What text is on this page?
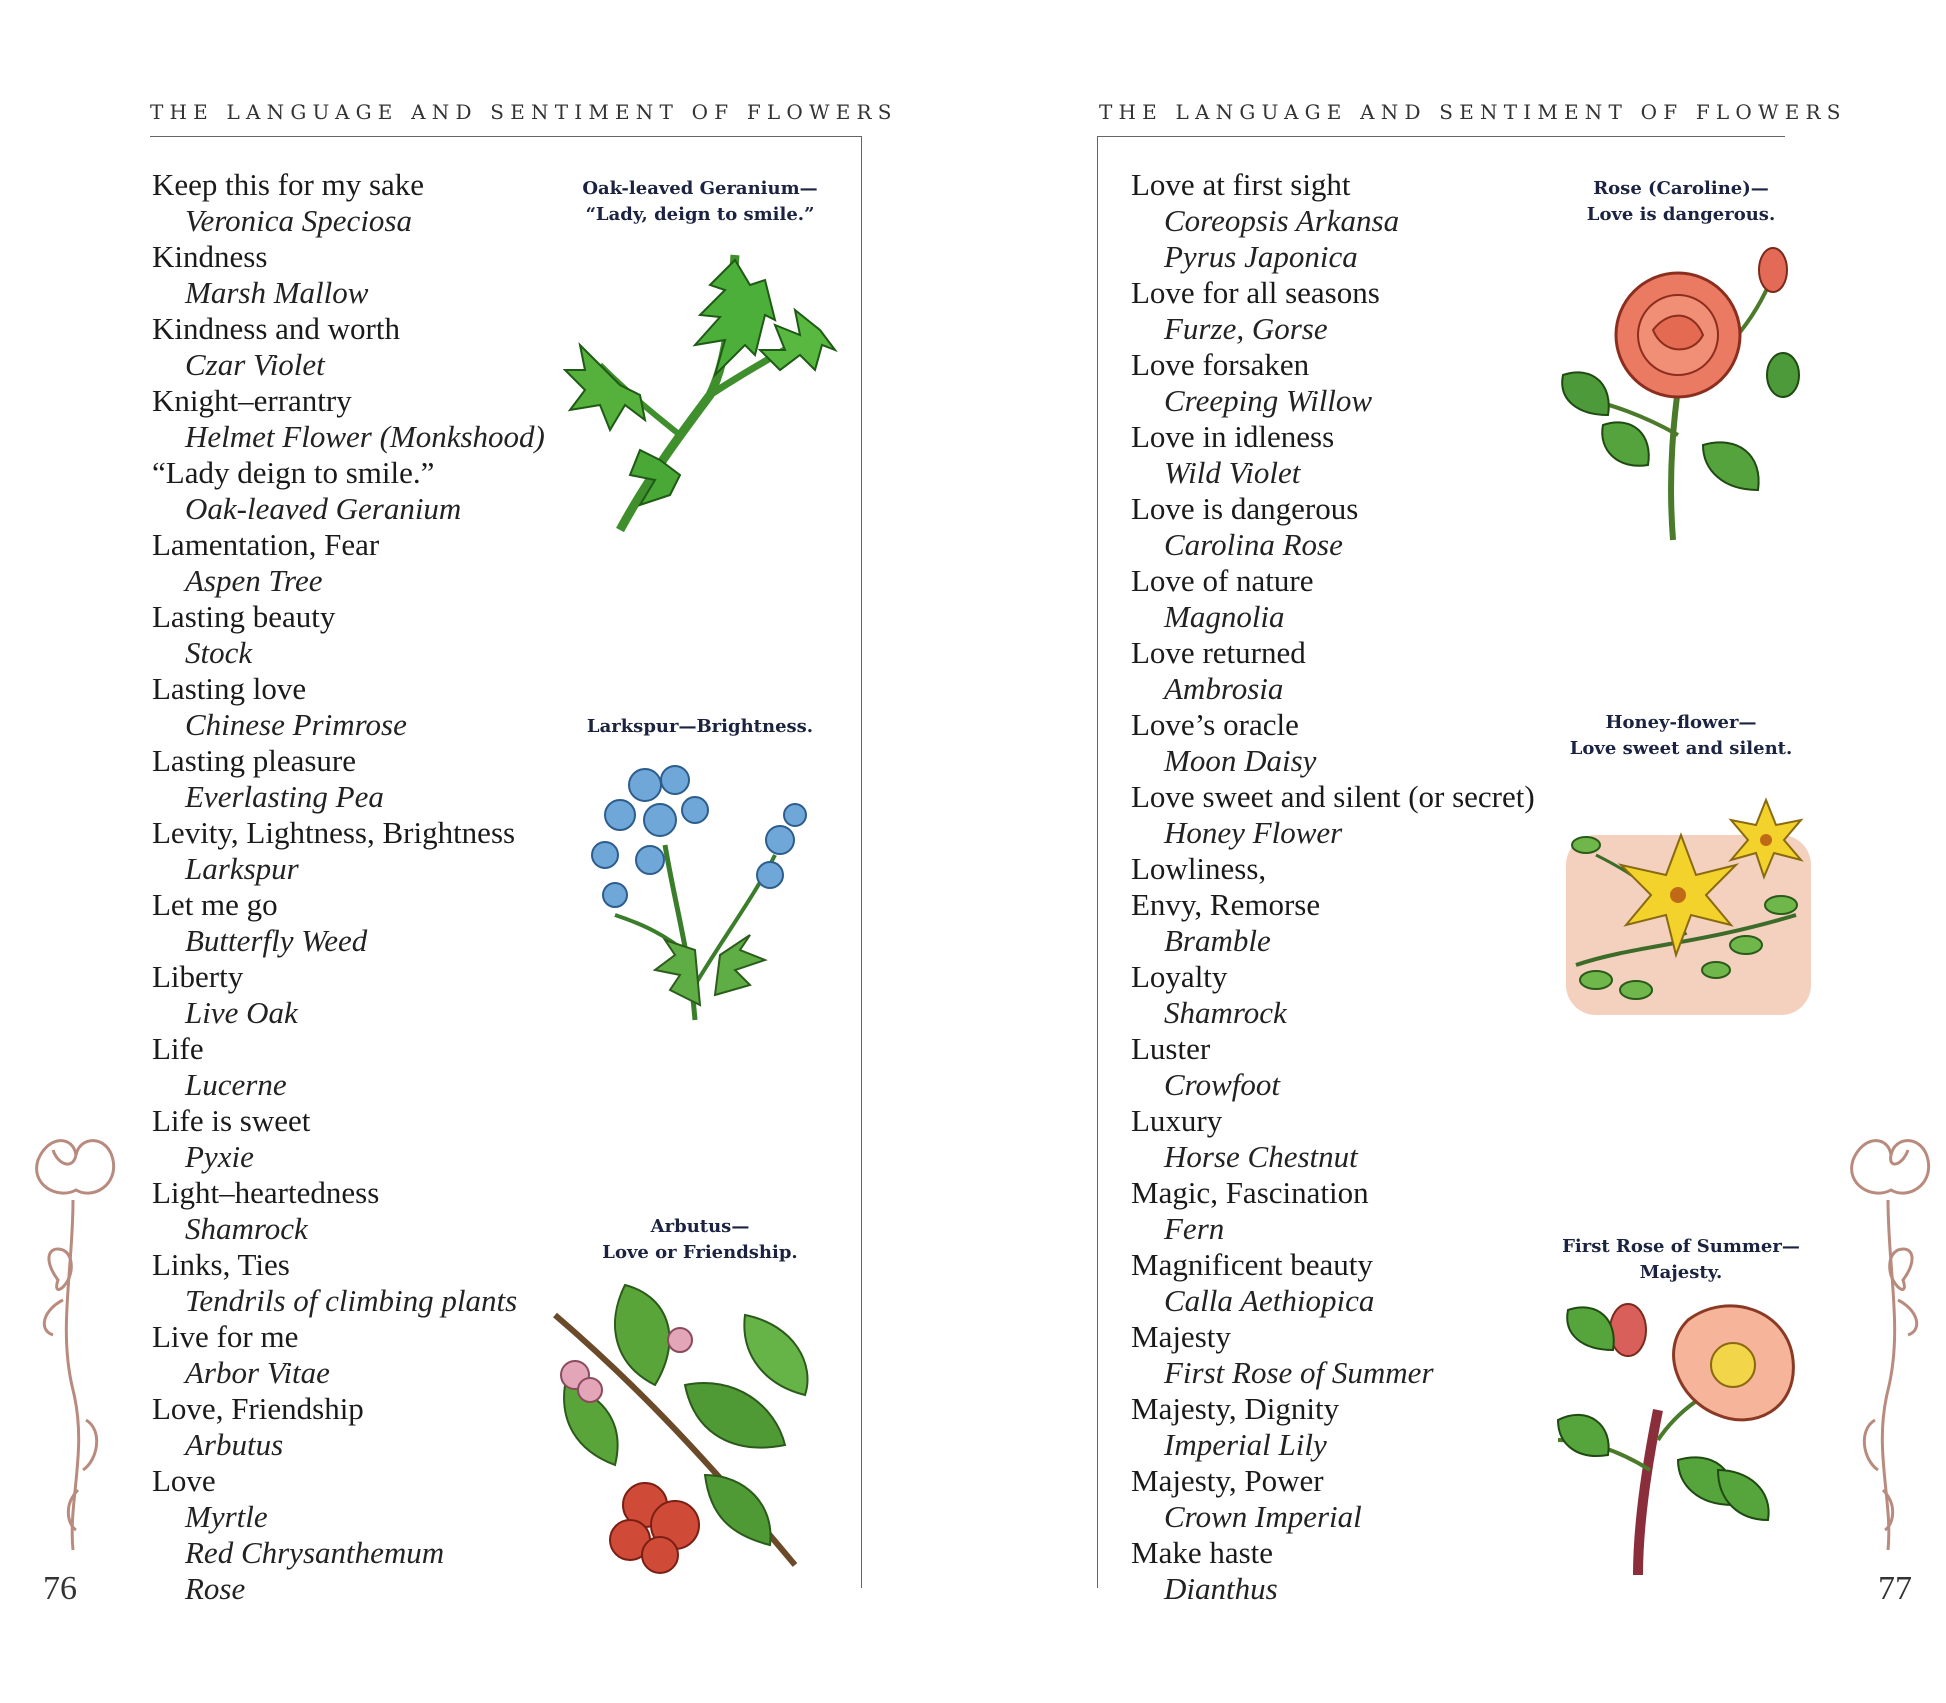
THE LANGUAGE AND SENTIMENT OF FLOWERS
Keep this for my sake
Veronica Speciosa
Kindness
Marsh Mallow
Kindness and worth
Czar Violet
Knight–errantry
Helmet Flower (Monkshood)
“Lady deign to smile.”
Oak-leaved Geranium
Lamentation, Fear
Aspen Tree
Lasting beauty
Stock
Lasting love
Chinese Primrose
Lasting pleasure
Everlasting Pea
Levity, Lightness, Brightness
Larkspur
Let me go
Butterfly Weed
Liberty
Live Oak
Life
Lucerne
Life is sweet
Pyxie
Light–heartedness
Shamrock
Links, Ties
Tendrils of climbing plants
Live for me
Arbor Vitae
Love, Friendship
Arbutus
Love
Myrtle
Red Chrysanthemum
Rose
Oak-leaved Geranium—
“Lady, deign to smile.”
Larkspur—Brightness.
Arbutus—
Love or Friendship.
76
THE LANGUAGE AND SENTIMENT OF FLOWERS
Love at first sight
Coreopsis Arkansa
Pyrus Japonica
Love for all seasons
Furze, Gorse
Love forsaken
Creeping Willow
Love in idleness
Wild Violet
Love is dangerous
Carolina Rose
Love of nature
Magnolia
Love returned
Ambrosia
Love’s oracle
Moon Daisy
Love sweet and silent (or secret)
Honey Flower
Lowliness,
Envy, Remorse
Bramble
Loyalty
Shamrock
Luster
Crowfoot
Luxury
Horse Chestnut
Magic, Fascination
Fern
Magnificent beauty
Calla Aethiopica
Majesty
First Rose of Summer
Majesty, Dignity
Imperial Lily
Majesty, Power
Crown Imperial
Make haste
Dianthus
Rose (Caroline)—
Love is dangerous.
Honey-flower—
Love sweet and silent.
First Rose of Summer—
Majesty.
77
